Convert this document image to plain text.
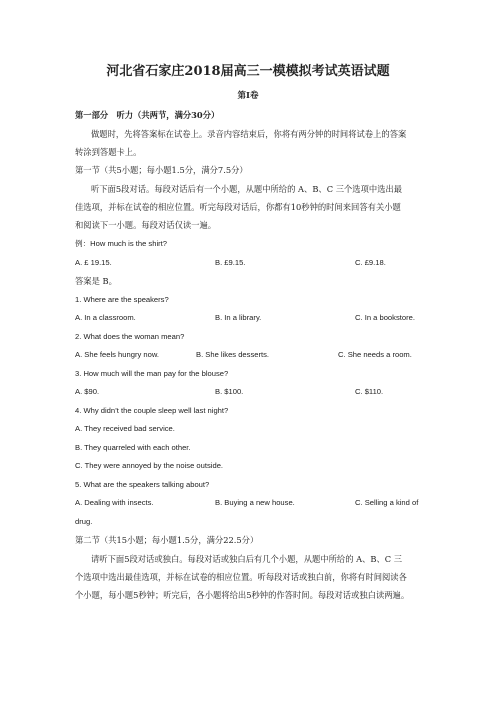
河北省石家庄2018届高三一模模拟考试英语试题
第Ⅰ卷
第一部分　听力（共两节，满分30分）
做题时，先将答案标在试卷上。录音内容结束后，你将有两分钟的时间将试卷上的答案
转涂到答题卡上。
第一节（共5小题；每小题1.5分，满分7.5分）
听下面5段对话。每段对话后有一个小题，从题中所给的 A、B、C 三个选项中选出最
佳选项，并标在试卷的相应位置。听完每段对话后，你都有10秒钟的时间来回答有关小题
和阅读下一小题。每段对话仅读一遍。
例：How much is the shirt?
A. £ 19.15.	B. £9.15.	C. £9.18.
答案是 B。
1. Where are the speakers?
A. In a classroom.	B. In a library.	C. In a bookstore.
2. What does the woman mean?
A. She feels hungry now.	B. She likes desserts.	C. She needs a room.
3. How much will the man pay for the blouse?
A. $90.	B. $100.	C. $110.
4. Why didn’t the couple sleep well last night?
A. They received bad service.
B. They quarreled with each other.
C. They were annoyed by the noise outside.
5. What are the speakers talking about?
A. Dealing with insects.	B. Buying a new house.	C. Selling a kind of
drug.
第二节（共15小题；每小题1.5分，满分22.5分）
请听下面5段对话或独白。每段对话或独白后有几个小题，从题中所给的 A、B、C 三
个选项中选出最佳选项，并标在试卷的相应位置。听每段对话或独白前，你将有时间阅读各
个小题，每小题5秒钟；听完后，各小题将给出5秒钟的作答时间。每段对话或独白读两遍。
